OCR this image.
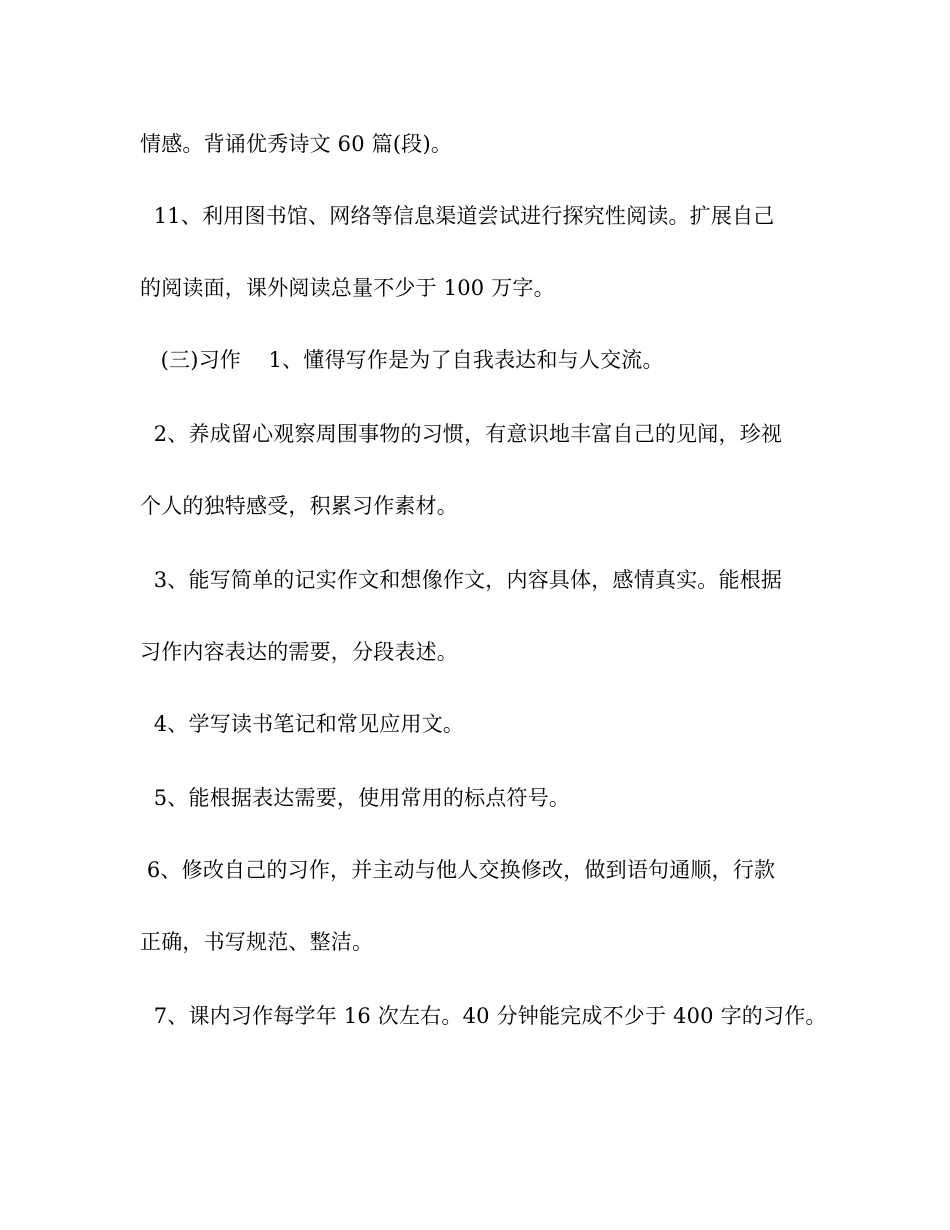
情感。背诵优秀诗文 60 篇(段)。
11、利用图书馆、网络等信息渠道尝试进行探究性阅读。扩展自己
的阅读面，课外阅读总量不少于 100 万字。
(三)习作    1、懂得写作是为了自我表达和与人交流。
2、养成留心观察周围事物的习惯，有意识地丰富自己的见闻，珍视
个人的独特感受，积累习作素材。
3、能写简单的记实作文和想像作文，内容具体，感情真实。能根据
习作内容表达的需要，分段表述。
4、学写读书笔记和常见应用文。
5、能根据表达需要，使用常用的标点符号。
6、修改自己的习作，并主动与他人交换修改，做到语句通顺，行款
正确，书写规范、整洁。
7、课内习作每学年 16 次左右。40 分钟能完成不少于 400 字的习作。
